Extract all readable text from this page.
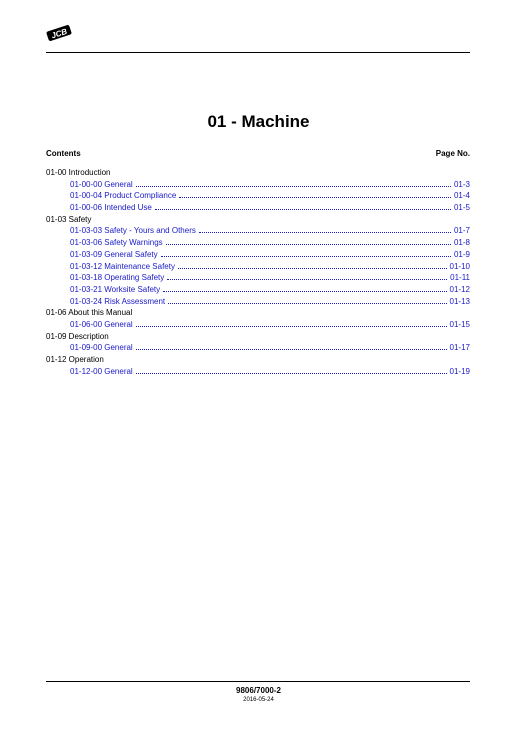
JCB
01 - Machine
Contents	Page No.
01-00 Introduction
01-00-00 General	01-3
01-00-04 Product Compliance	01-4
01-00-06 Intended Use	01-5
01-03 Safety
01-03-03 Safety - Yours and Others	01-7
01-03-06 Safety Warnings	01-8
01-03-09 General Safety	01-9
01-03-12 Maintenance Safety	01-10
01-03-18 Operating Safety	01-11
01-03-21 Worksite Safety	01-12
01-03-24 Risk Assessment	01-13
01-06 About this Manual
01-06-00 General	01-15
01-09 Description
01-09-00 General	01-17
01-12 Operation
01-12-00 General	01-19
9806/7000-2
2016-05-24
